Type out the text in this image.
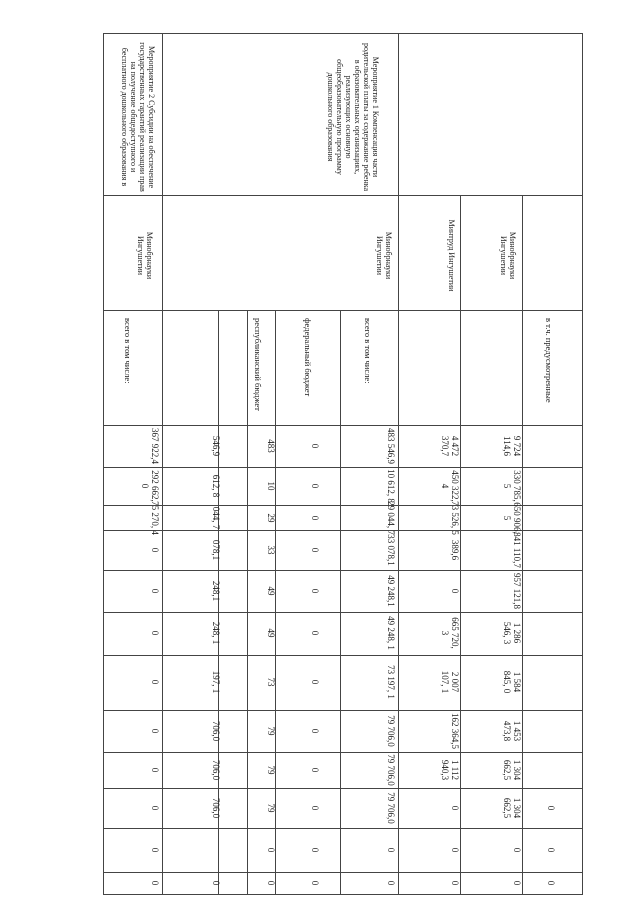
в т.ч. предусмотренные
Мероприятие 1 Компенсация части родительской платы за содержание ребенка в образовательных организациях, реализующих основную общеобразовательную программу дошкольного образования
Мероприятие 2 Субсидии на обеспечение государственных гарантий реализации прав на получение общедоступного и бесплатного дошкольного образования в
Минобрнауки Ингушетии
Минтруд Ингушетии
Минобрнауки Ингушетии
Минобрнауки Ингушетии
всего в том числе:
федеральный бюджет
республиканский бюджет
всего в том числе:
9 724 114,6
330 785, 5
650 906, 5
841 110,7
957 121,8
1 286 546, 3
1 584 845, 0
1 453 473,8
1 304 662,5
1 304 662,5
0
0
4 472 370,7
450 322, 4
73 526, 5
389,6
0
665 720, 3
2 007 107, 1
162 364,5
1 112 940,3
0
0
0
483 546,9
10 612, 8
29 044, 7
33 078,1
49 248,1
49 248, 1
73 197, 1
79 706,0
79 706,0
79 706,0
0
0
0
0
0
0
0
0
0
0
0
0
0
0
483
10
29
33
49
49
73
79
79
79
0
0
546,9
612, 8
044, 7
078,1
248,1
248, 1
197, 1
706,0
706,0
706,0
0
367 922,4
292 662, 0
75 270, 4
0
0
0
0
0
0
0
0
0
0
0
0
